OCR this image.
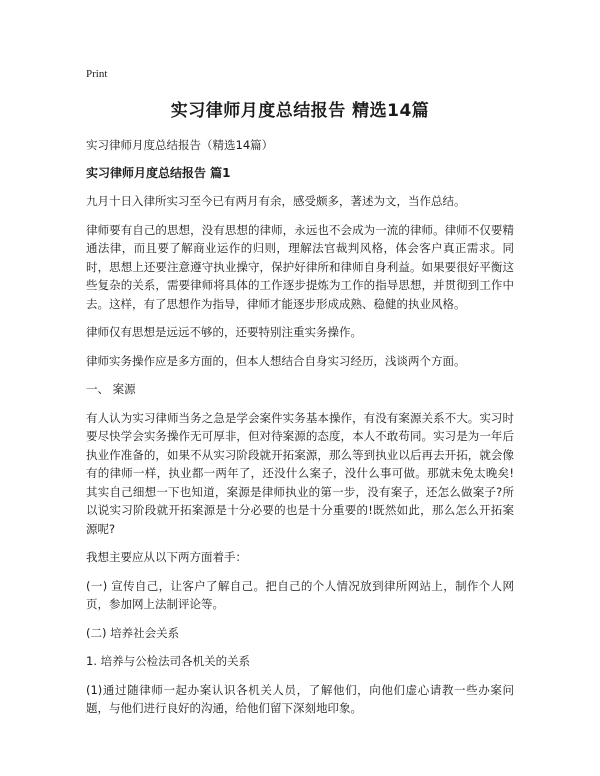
Print
实习律师月度总结报告 精选14篇
实习律师月度总结报告（精选14篇）
实习律师月度总结报告 篇1

九月十日入律所实习至今已有两月有余，感受颇多，著述为文，当作总结。

律师要有自己的思想，没有思想的律师，永远也不会成为一流的律师。律师不仅要精通法律，而且要了解商业运作的归则，理解法官裁判风格，体会客户真正需求。同时，思想上还要注意遵守执业操守，保护好律所和律师自身利益。如果要很好平衡这些复杂的关系，需要律师将具体的工作逐步提炼为工作的指导思想，并贯彻到工作中去。这样，有了思想作为指导，律师才能逐步形成成熟、稳健的执业风格。

律师仅有思想是远远不够的，还要特别注重实务操作。

律师实务操作应是多方面的，但本人想结合自身实习经历，浅谈两个方面。

一、 案源

有人认为实习律师当务之急是学会案件实务基本操作，有没有案源关系不大。实习时要尽快学会实务操作无可厚非，但对待案源的态度，本人不敢苟同。实习是为一年后执业作准备的，如果不从实习阶段就开拓案源，那么等到执业以后再去开拓，就会像有的律师一样，执业都一两年了，还没什么案子，没什么事可做。那就未免太晚矣!其实自己细想一下也知道，案源是律师执业的第一步，没有案子，还怎么做案子?所以说实习阶段就开拓案源是十分必要的也是十分重要的!既然如此，那么怎么开拓案源呢?

我想主要应从以下两方面着手：

(一) 宣传自己，让客户了解自己。把自己的个人情况放到律所网站上，制作个人网页，参加网上法制评论等。

(二) 培养社会关系

1. 培养与公检法司各机关的关系

(1)通过随律师一起办案认识各机关人员，了解他们，向他们虚心请教一些办案问题，与他们进行良好的沟通，给他们留下深刻地印象。
